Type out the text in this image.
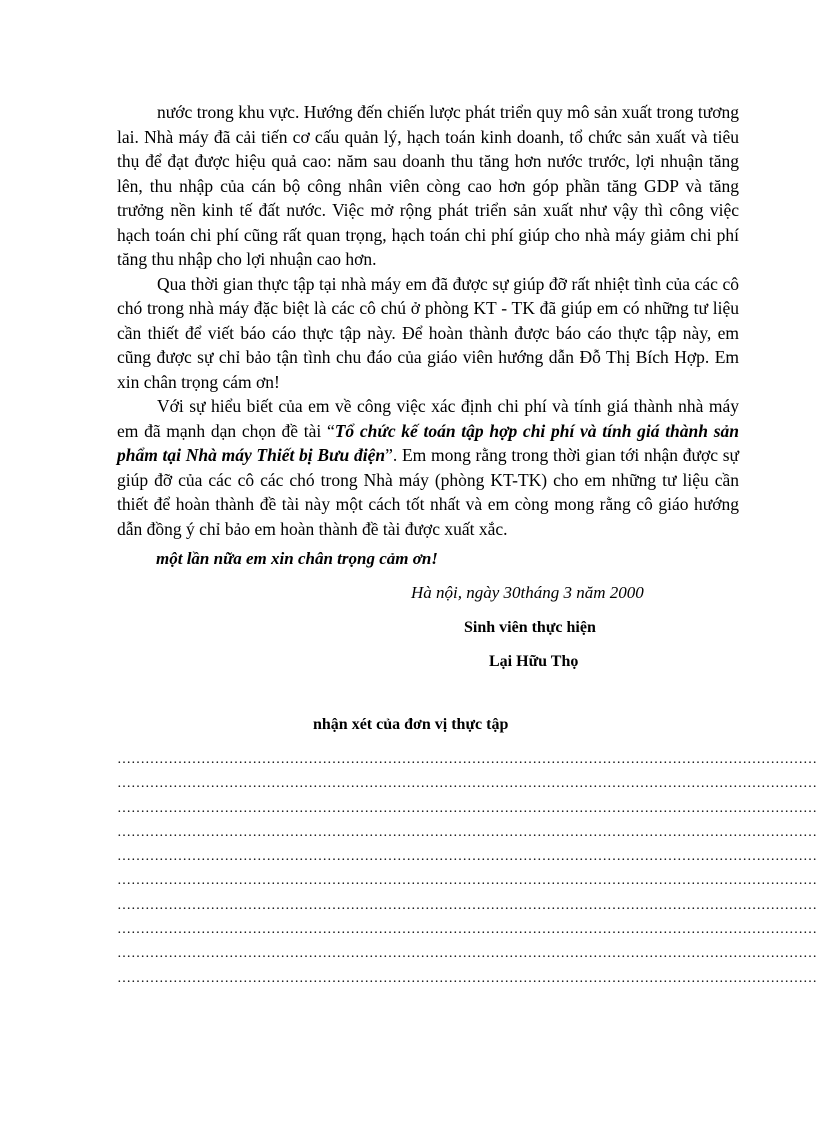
nước trong khu vực. Hướng đến chiến lược phát triển quy mô sản xuất trong tương lai. Nhà máy đã cải tiến cơ cấu quản lý, hạch toán kinh doanh, tổ chức sản xuất và tiêu thụ để đạt được hiệu quả cao: năm sau doanh thu tăng hơn nước trước, lợi nhuận tăng lên, thu nhập của cán bộ công nhân viên còng cao hơn góp phần tăng GDP và tăng trưởng nền kinh tế đất nước. Việc mở rộng phát triển sản xuất như vậy thì công việc hạch toán chi phí cũng rất quan trọng, hạch toán chi phí giúp cho nhà máy giảm chi phí tăng thu nhập cho lợi nhuận cao hơn.

Qua thời gian thực tập tại nhà máy em đã được sự giúp đỡ rất nhiệt tình của các cô chó trong nhà máy đặc biệt là các cô chú ở phòng KT - TK đã giúp em có những tư liệu cần thiết để viết báo cáo thực tập này. Để hoàn thành được báo cáo thực tập này, em cũng được sự chỉ bảo tận tình chu đáo của giáo viên hướng dẫn Đỗ Thị Bích Hợp. Em xin chân trọng cám ơn!

Với sự hiểu biết của em về công việc xác định chi phí và tính giá thành nhà máy em đã mạnh dạn chọn đề tài “Tổ chức kế toán tập hợp chi phí và tính giá thành sản phẩm tại Nhà máy Thiết bị Bưu điện”. Em mong rằng trong thời gian tới nhận được sự giúp đỡ của các cô các chó trong Nhà máy (phòng KT-TK) cho em những tư liệu cần thiết để hoàn thành đề tài này một cách tốt nhất và em còng mong rằng cô giáo hướng dẫn đồng ý chỉ bảo em hoàn thành đề tài được xuất xắc.

một lần nữa em xin chân trọng cảm ơn!
Hà nội, ngày 30tháng 3 năm 2000
Sinh viên thực hiện
Lại Hữu Thọ
nhận xét của đơn vị thực tập
……………………………………………………………………………………………………………………………………
……………………………………………………………………………………………………………………………………
……………………………………………………………………………………………………………………………………
……………………………………………………………………………………………………………………………………
……………………………………………………………………………………………………………………………………
……………………………………………………………………………………………………………………………………
……………………………………………………………………………………………………………………………………
……………………………………………………………………………………………………………………………………
……………………………………………………………………………………………………………………………………
……………………………………………………………………………………………………………………………………
